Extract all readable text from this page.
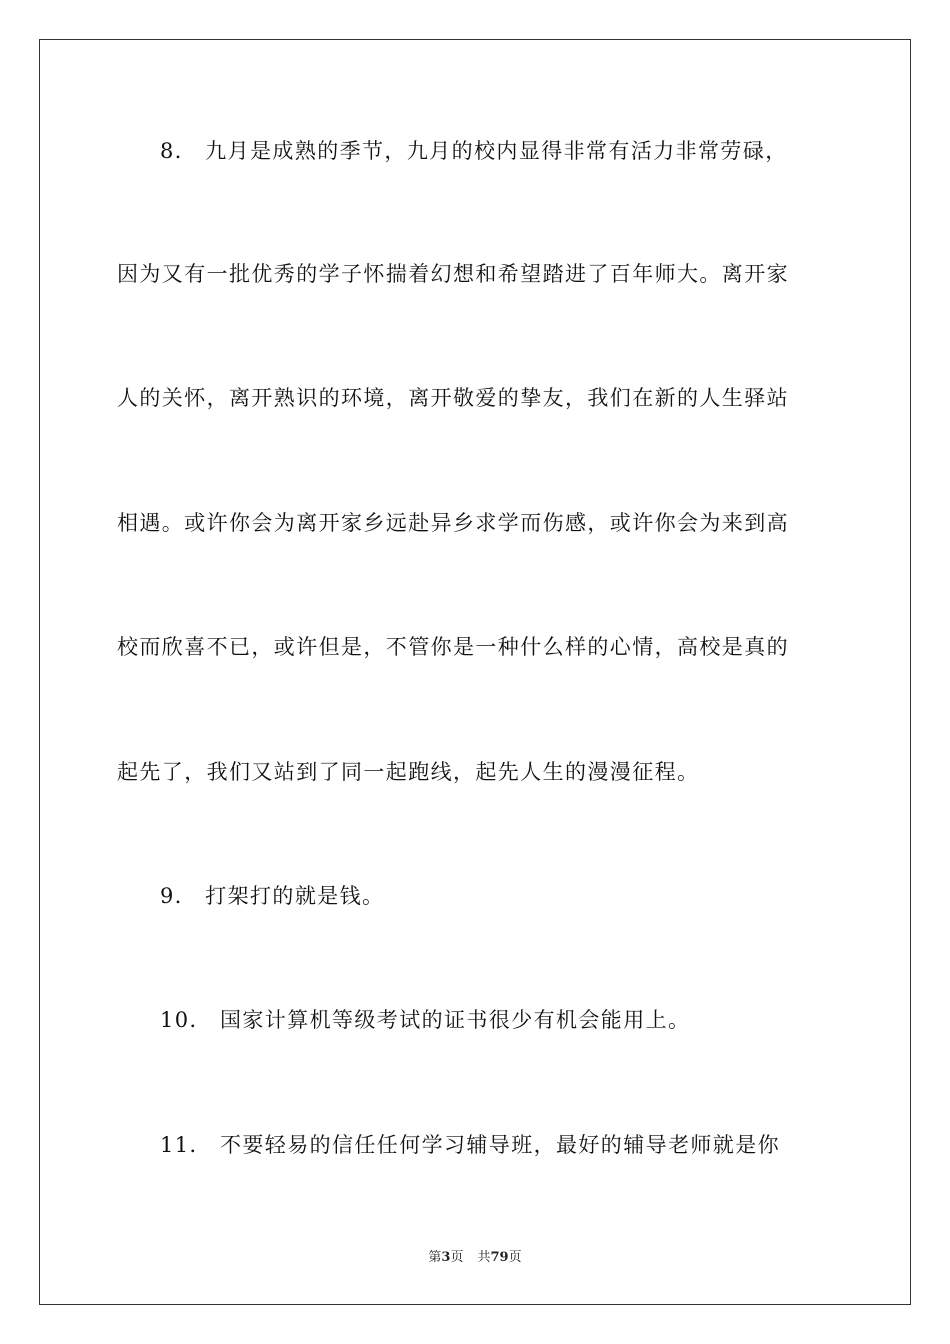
8． 九月是成熟的季节，九月的校内显得非常有活力非常劳碌，
因为又有一批优秀的学子怀揣着幻想和希望踏进了百年师大。离开家
人的关怀，离开熟识的环境，离开敬爱的挚友，我们在新的人生驿站
相遇。或许你会为离开家乡远赴异乡求学而伤感，或许你会为来到高
校而欣喜不已，或许但是，不管你是一种什么样的心情，高校是真的
起先了，我们又站到了同一起跑线，起先人生的漫漫征程。
9． 打架打的就是钱。
10． 国家计算机等级考试的证书很少有机会能用上。
11． 不要轻易的信任任何学习辅导班，最好的辅导老师就是你
第3页 共79页
